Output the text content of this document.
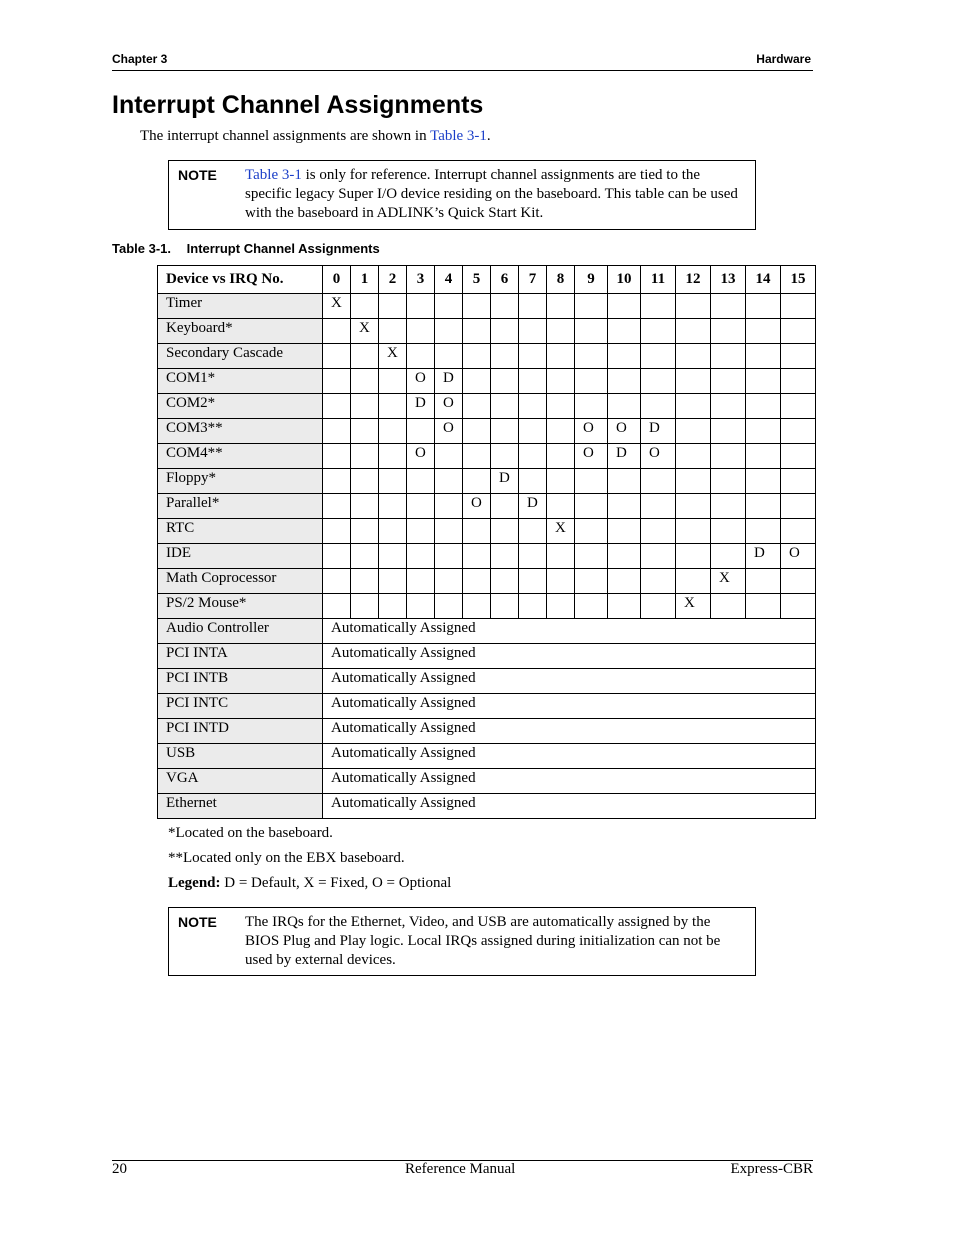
Chapter 3	Hardware
Interrupt Channel Assignments
The interrupt channel assignments are shown in Table 3-1.
NOTE Table 3-1 is only for reference. Interrupt channel assignments are tied to the specific legacy Super I/O device residing on the baseboard. This table can be used with the baseboard in ADLINK’s Quick Start Kit.
Table 3-1. Interrupt Channel Assignments
Device vs IRQ No.	0	1	2	3	4	5	6	7	8	9	10	11	12	13	14	15
Timer	X															
Keyboard*		X														
Secondary Cascade			X													
COM1*				O	D											
COM2*				D	O											
COM3**					O					O	O	D				
COM4**				O						O	D	O				
Floppy*							D									
Parallel*						O		D								
RTC									X							
IDE															D	O
Math Coprocessor														X		
PS/2 Mouse*													X			
Audio Controller	Automatically Assigned															
PCI INTA	Automatically Assigned															
PCI INTB	Automatically Assigned															
PCI INTC	Automatically Assigned															
PCI INTD	Automatically Assigned															
USB	Automatically Assigned															
VGA	Automatically Assigned															
Ethernet	Automatically Assigned															
*Located on the baseboard.
**Located only on the EBX baseboard.
Legend: D = Default, X = Fixed, O = Optional
NOTE The IRQs for the Ethernet, Video, and USB are automatically assigned by the BIOS Plug and Play logic. Local IRQs assigned during initialization can not be used by external devices.
20	Reference Manual	Express-CBR
